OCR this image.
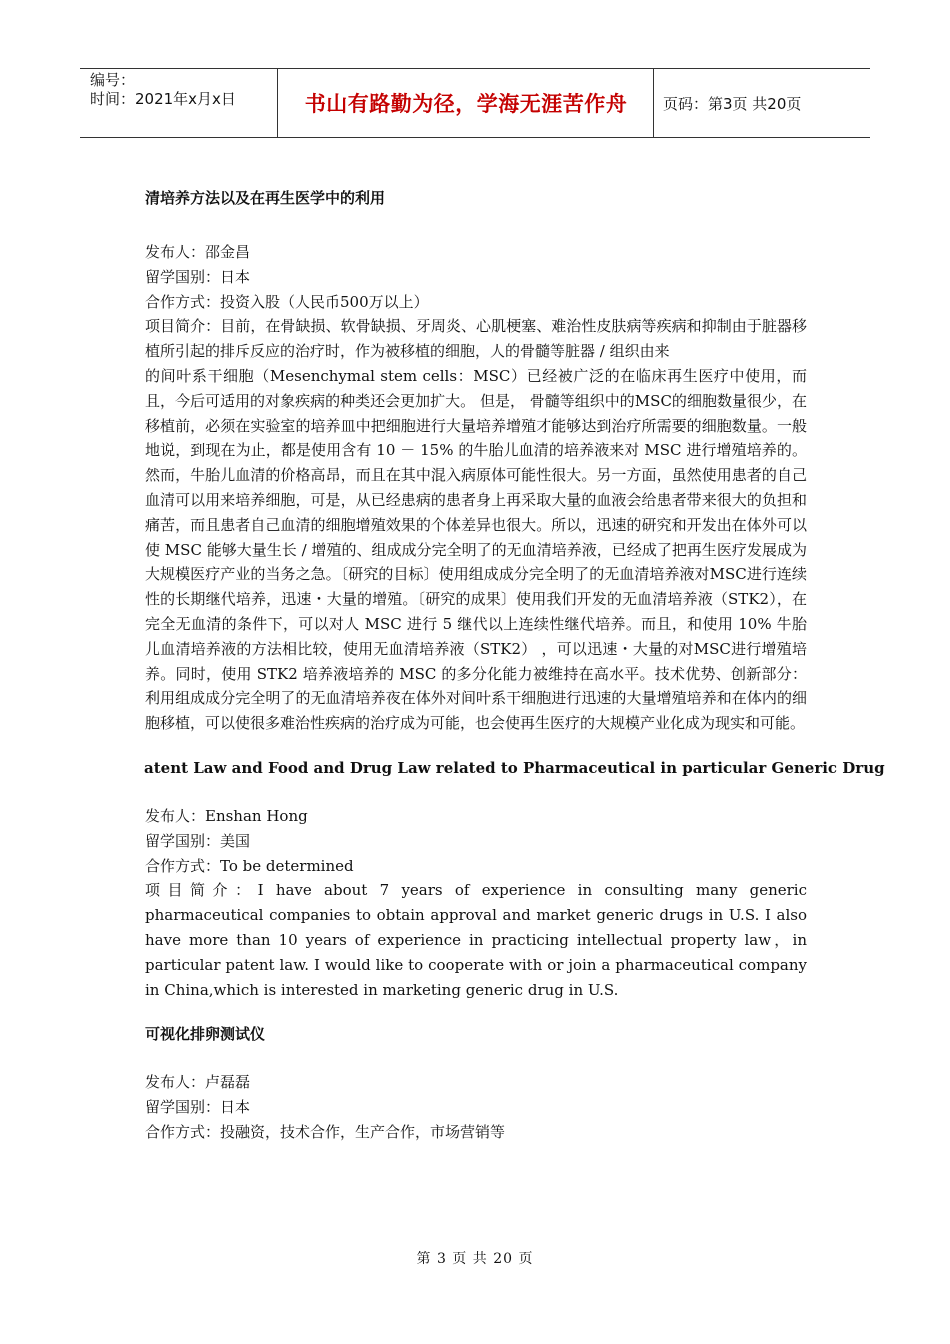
编号：
时间：2021年x月x日	书山有路勤为径，学海无涯苦作舟 页码：第3页 共20页

清培养方法以及在再生医学中的利用

发布人：邵金昌

留学国别：日本

合作方式：投资入股（人民币500万以上）

项目简介：目前，在骨缺损、软骨缺损、牙周炎、心肌梗塞、难治性皮肤病等疾病和抑制由于脏器移植所引起的排斥反应的治疗时，作为被移植的细胞，人的骨髓等脏器 / 组织由来

的间叶系干细胞（Mesenchymal stem cells：MSC）已经被广泛的在临床再生医疗中使用，而且，今后可适用的对象疾病的种类还会更加扩大。 但是， 骨髓等组织中的MSC的细胞数量很少，在移植前，必须在实验室的培养皿中把细胞进行大量培养增殖才能够达到治疗所需要的细胞数量。一般地说，到现在为止，都是使用含有 10 － 15% 的牛胎儿血清的培养液来对 MSC 进行增殖培养的。然而，牛胎儿血清的价格高昂，而且在其中混入病原体可能性很大。另一方面，虽然使用患者的自己血清可以用来培养细胞，可是，从已经患病的患者身上再采取大量的血液会给患者带来很大的负担和痛苦，而且患者自己血清的细胞增殖效果的个体差异也很大。所以，迅速的研究和开发出在体外可以使 MSC 能够大量生长 / 增殖的、组成成分完全明了的无血清培养液，已经成了把再生医疗发展成为大规模医疗产业的当务之急。〔研究的目标〕使用组成成分完全明了的无血清培养液对MSC进行连续性的长期继代培养，迅速・大量的增殖。〔研究的成果〕使用我们开发的无血清培养液（STK2），在完全无血清的条件下，可以对人 MSC 进行 5 继代以上连续性继代培养。而且，和使用 10% 牛胎儿血清培养液的方法相比较，使用无血清培养液（STK2） ，可以迅速・大量的对MSC进行增殖培养。同时，使用 STK2 培养液培养的 MSC 的多分化能力被维持在高水平。技术优势、创新部分：利用组成成分完全明了的无血清培养夜在体外对间叶系干细胞进行迅速的大量增殖培养和在体内的细胞移植，可以使很多难治性疾病的治疗成为可能，也会使再生医疗的大规模产业化成为现实和可能。

atent Law and Food and Drug Law related to Pharmaceutical in particular Generic Drug

发布人：Enshan Hong

留学国别：美国

合作方式：To be determined

项目简介：I have about 7 years of experience in consulting many generic pharmaceutical companies to obtain approval and market generic drugs in U.S. I also have more than 10 years of experience in practicing intellectual property law，in particular patent law. I would like to cooperate with or join a pharmaceutical company in China,which is interested in marketing generic drug in U.S.

可视化排卵测试仪

发布人：卢磊磊

留学国别：日本

合作方式：投融资，技术合作，生产合作，市场营销等

第 3 页 共 20 页
